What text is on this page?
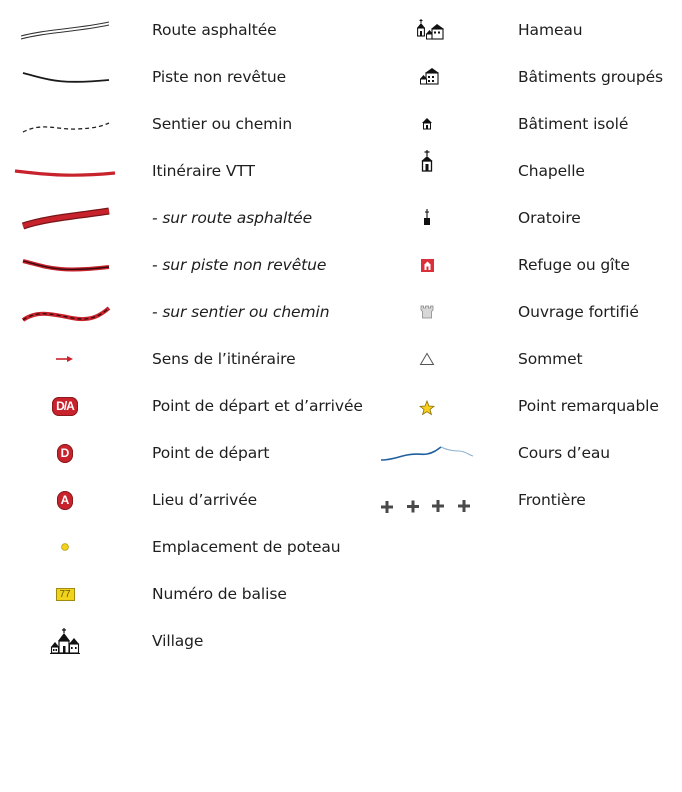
Route asphaltée
Piste non revêtue
Sentier ou chemin
Itinéraire VTT
- sur route asphaltée
- sur piste non revêtue
- sur sentier ou chemin
Sens de l’itinéraire
D/A	Point de départ et d’arrivée
D	Point de départ
A	Lieu d’arrivée
Emplacement de poteau
77	Numéro de balise
Village
Hameau
Bâtiments groupés
Bâtiment isolé
Chapelle
Oratoire
Refuge ou gîte
Ouvrage fortifié
Sommet
Point remarquable
Cours d’eau
Frontière
